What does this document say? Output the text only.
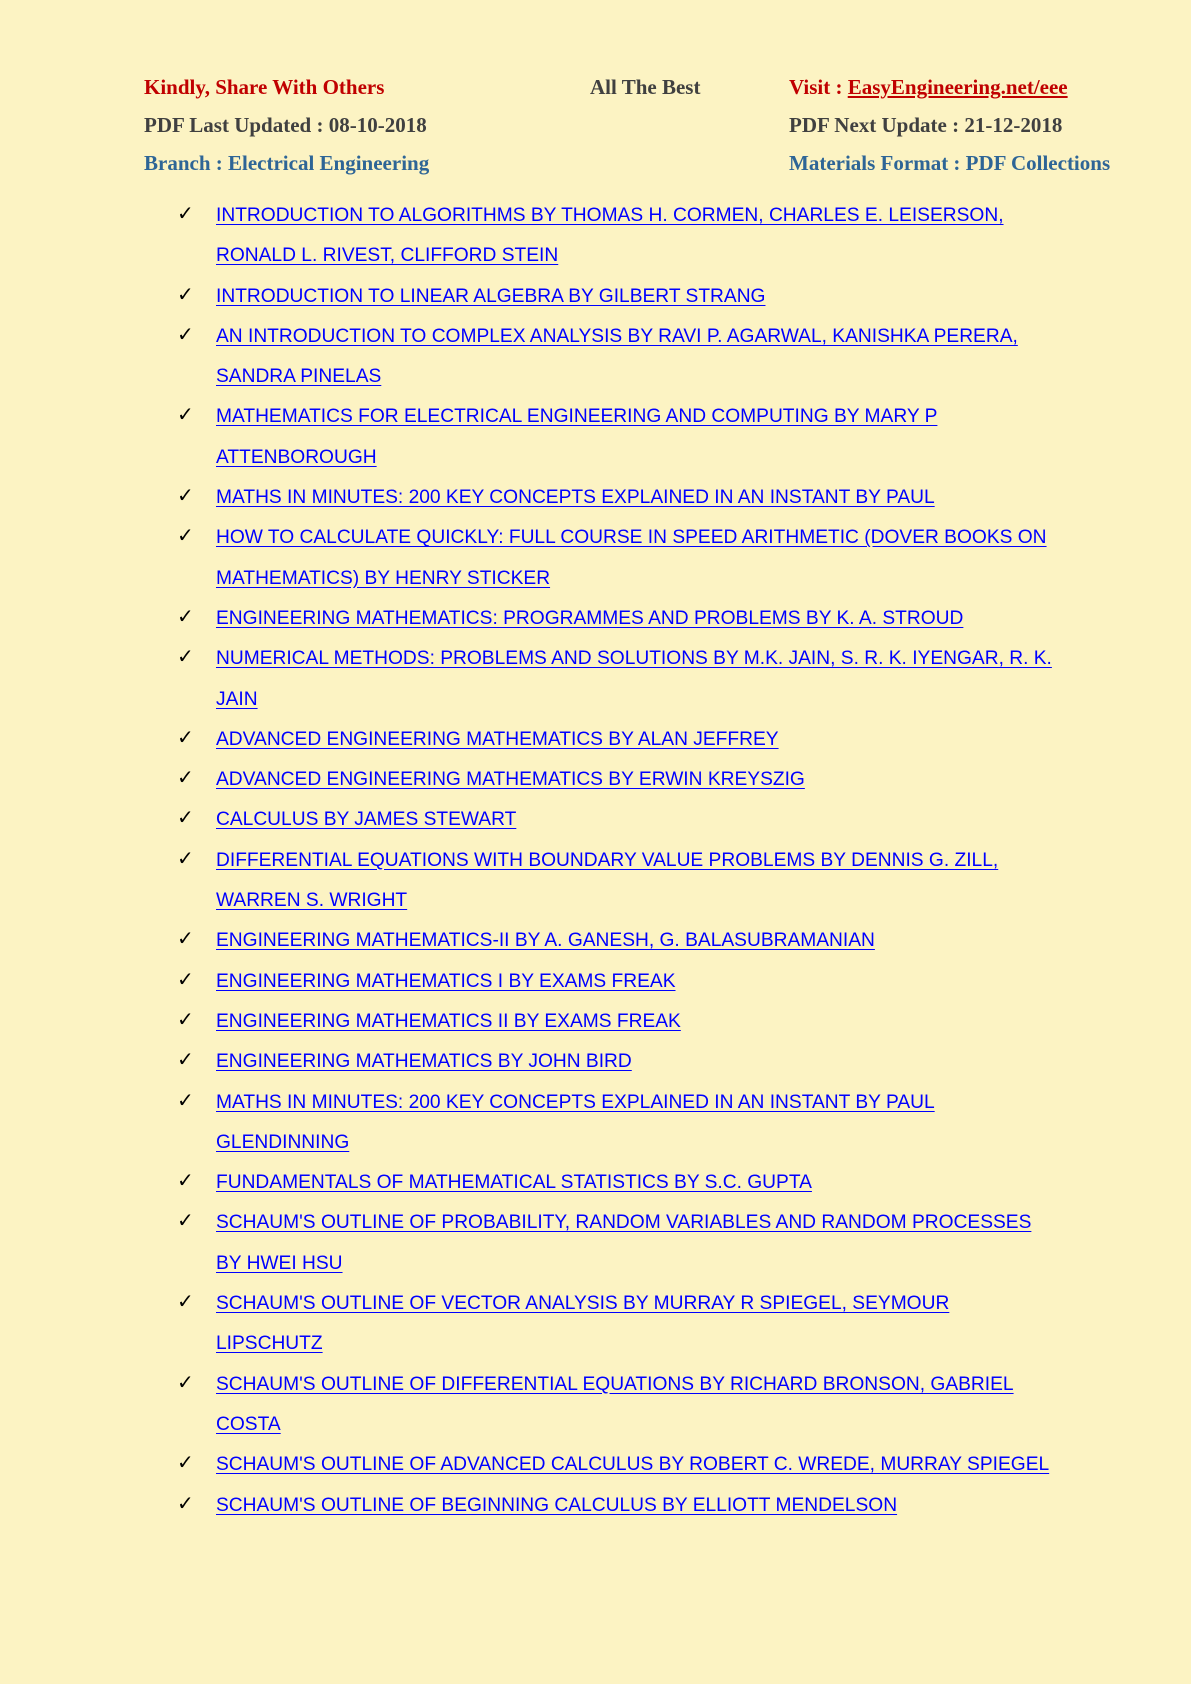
Kindly, Share With Others	All The Best	Visit : EasyEngineering.net/eee
PDF Last Updated : 08-10-2018	PDF Next Update : 21-12-2018
Branch : Electrical Engineering	Materials Format : PDF Collections
✓ INTRODUCTION TO ALGORITHMS BY THOMAS H. CORMEN, CHARLES E. LEISERSON, RONALD L. RIVEST, CLIFFORD STEIN
✓ INTRODUCTION TO LINEAR ALGEBRA BY GILBERT STRANG
✓ AN INTRODUCTION TO COMPLEX ANALYSIS BY RAVI P. AGARWAL, KANISHKA PERERA, SANDRA PINELAS
✓ MATHEMATICS FOR ELECTRICAL ENGINEERING AND COMPUTING BY MARY P ATTENBOROUGH
✓ MATHS IN MINUTES: 200 KEY CONCEPTS EXPLAINED IN AN INSTANT BY PAUL
✓ HOW TO CALCULATE QUICKLY: FULL COURSE IN SPEED ARITHMETIC (DOVER BOOKS ON MATHEMATICS) BY HENRY STICKER
✓ ENGINEERING MATHEMATICS: PROGRAMMES AND PROBLEMS BY K. A. STROUD
✓ NUMERICAL METHODS: PROBLEMS AND SOLUTIONS BY M.K. JAIN, S. R. K. IYENGAR, R. K. JAIN
✓ ADVANCED ENGINEERING MATHEMATICS BY ALAN JEFFREY
✓ ADVANCED ENGINEERING MATHEMATICS BY ERWIN KREYSZIG
✓ CALCULUS BY JAMES STEWART
✓ DIFFERENTIAL EQUATIONS WITH BOUNDARY VALUE PROBLEMS BY DENNIS G. ZILL, WARREN S. WRIGHT
✓ ENGINEERING MATHEMATICS-II BY A. GANESH, G. BALASUBRAMANIAN
✓ ENGINEERING MATHEMATICS I BY EXAMS FREAK
✓ ENGINEERING MATHEMATICS II BY EXAMS FREAK
✓ ENGINEERING MATHEMATICS BY JOHN BIRD
✓ MATHS IN MINUTES: 200 KEY CONCEPTS EXPLAINED IN AN INSTANT BY PAUL GLENDINNING
✓ FUNDAMENTALS OF MATHEMATICAL STATISTICS BY S.C. GUPTA
✓ SCHAUM'S OUTLINE OF PROBABILITY, RANDOM VARIABLES AND RANDOM PROCESSES BY HWEI HSU
✓ SCHAUM'S OUTLINE OF VECTOR ANALYSIS BY MURRAY R SPIEGEL, SEYMOUR LIPSCHUTZ
✓ SCHAUM'S OUTLINE OF DIFFERENTIAL EQUATIONS BY RICHARD BRONSON, GABRIEL COSTA
✓ SCHAUM'S OUTLINE OF ADVANCED CALCULUS BY ROBERT C. WREDE, MURRAY SPIEGEL
✓ SCHAUM'S OUTLINE OF BEGINNING CALCULUS BY ELLIOTT MENDELSON
